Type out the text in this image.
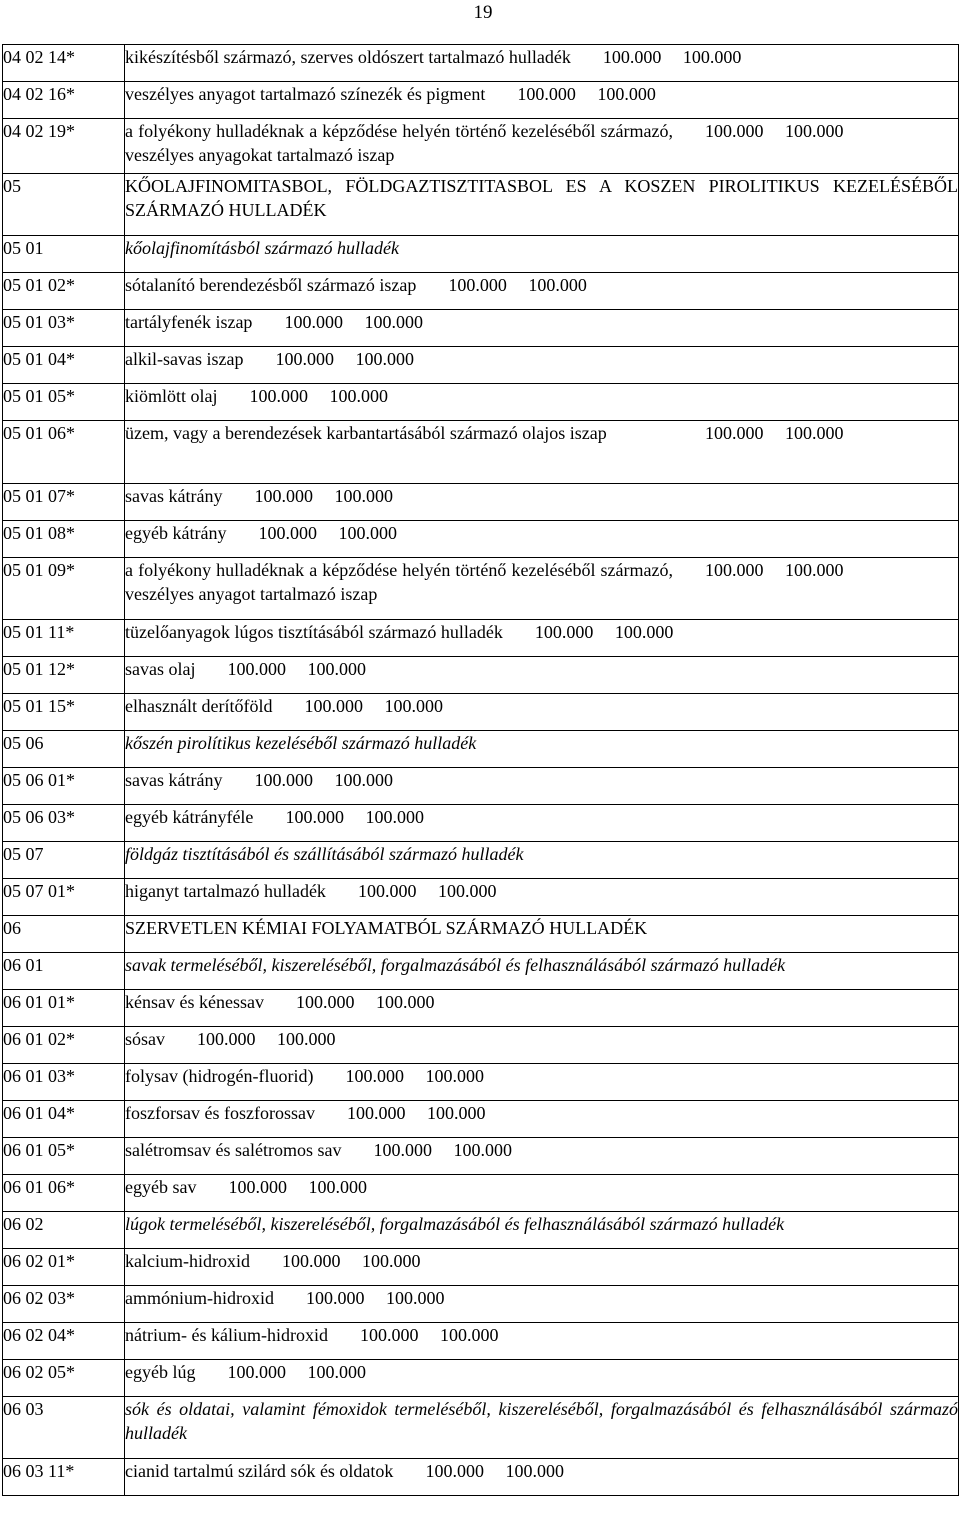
19
04 02 14*	kikészítésből származó, szerves oldószert tartalmazó hulladék 100.000 100.000

04 02 16*	veszélyes anyagot tartalmazó színezék és pigment 100.000 100.000

04 02 19*	a folyékony hulladéknak a képződése helyén történő kezeléséből származó, veszélyes anyagokat tartalmazó iszap
100.000 100.000

05	KŐOLAJFINOMITASBOL, FÖLDGAZTISZTITASBOL ES A KOSZEN PIROLITIKUS KEZELÉSÉBŐL SZÁRMAZÓ HULLADÉK

05 01	kőolajfinomításból származó hulladék

05 01 02*	sótalanító berendezésből származó iszap 100.000 100.000

05 01 03*	tartályfenék iszap 100.000 100.000

05 01 04*	alkil-savas iszap 100.000 100.000

05 01 05*	kiömlött olaj 100.000 100.000

05 01 06*	üzem, vagy a berendezések karbantartásából származó olajos iszap 100.000 100.000

05 01 07*	savas kátrány 100.000 100.000

05 01 08*	egyéb kátrány 100.000 100.000

05 01 09*	a folyékony hulladéknak a képződése helyén történő kezeléséből származó, veszélyes anyagot tartalmazó iszap
100.000 100.000

05 01 11*	tüzelőanyagok lúgos tisztításából származó hulladék 100.000 100.000

05 01 12*	savas olaj 100.000 100.000

05 01 15*	elhasznált derítőföld 100.000 100.000

05 06	kőszén pirolítikus kezeléséből származó hulladék

05 06 01*	savas kátrány 100.000 100.000

05 06 03*	egyéb kátrányféle 100.000 100.000

05 07	földgáz tisztításából és szállításából származó hulladék

05 07 01*	higanyt tartalmazó hulladék 100.000 100.000

06	SZERVETLEN KÉMIAI FOLYAMATBÓL SZÁRMAZÓ HULLADÉK

06 01	savak termeléséből, kiszereléséből, forgalmazásából és felhasználásából származó hulladék

06 01 01*	kénsav és kénessav 100.000 100.000

06 01 02*	sósav 100.000 100.000

06 01 03*	folysav (hidrogén-fluorid) 100.000 100.000

06 01 04*	foszforsav és foszforossav 100.000 100.000

06 01 05*	salétromsav és salétromos sav 100.000 100.000

06 01 06*	egyéb sav 100.000 100.000

06 02	lúgok termeléséből, kiszereléséből, forgalmazásából és felhasználásából származó hulladék

06 02 01*	kalcium-hidroxid 100.000 100.000

06 02 03*	ammónium-hidroxid 100.000 100.000

06 02 04*	nátrium- és kálium-hidroxid 100.000 100.000

06 02 05*	egyéb lúg 100.000 100.000

06 03	sók és oldatai, valamint fémoxidok termeléséből, kiszereléséből, forgalmazásából és felhasználásából származó hulladék

06 03 11*	cianid tartalmú szilárd sók és oldatok 100.000 100.000
